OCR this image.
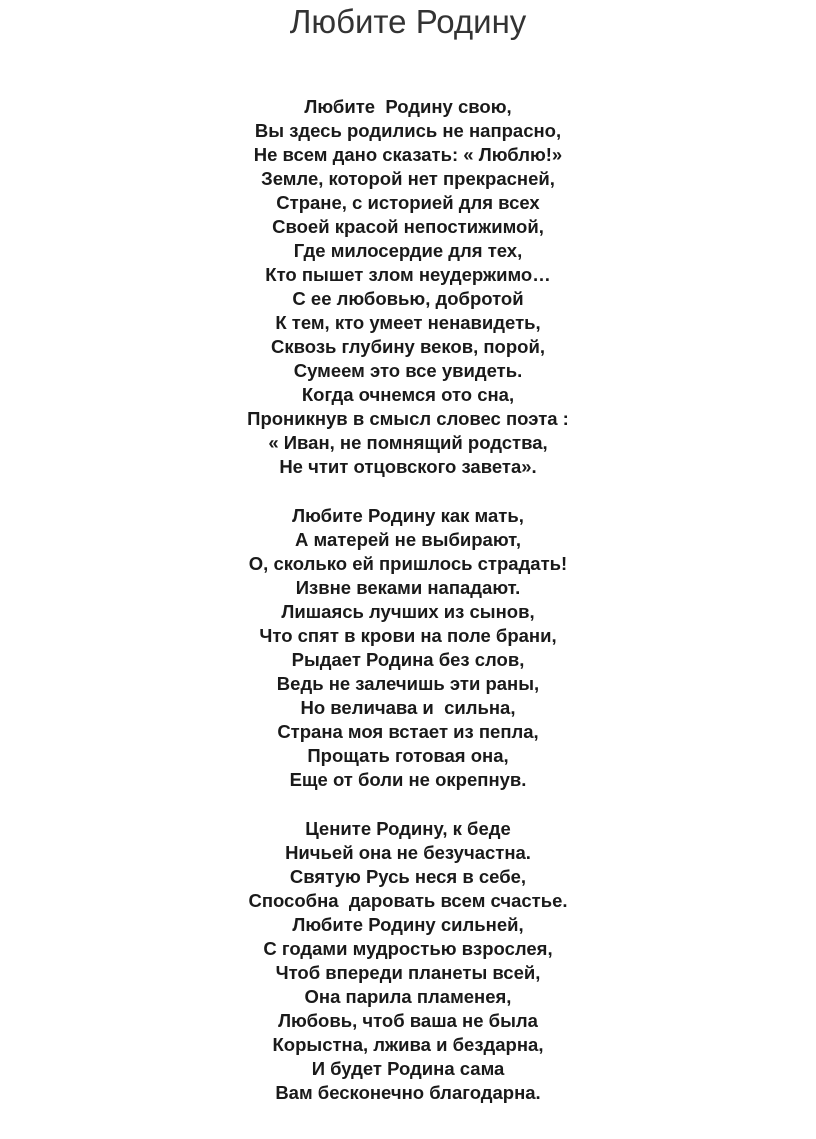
Любите Родину
Любите  Родину свою,
Вы здесь родились не напрасно,
Не всем дано сказать: « Люблю!»
Земле, которой нет прекрасней,
Стране, с историей для всех
Своей красой непостижимой,
Где милосердие для тех,
Кто пышет злом неудержимо…
С ее любовью, добротой
К тем, кто умеет ненавидеть,
Сквозь глубину веков, порой,
Сумеем это все увидеть.
Когда очнемся ото сна,
Проникнув в смысл словес поэта :
« Иван, не помнящий родства,
Не чтит отцовского завета».
Любите Родину как мать,
А матерей не выбирают,
О, сколько ей пришлось страдать!
Извне веками нападают.
Лишаясь лучших из сынов,
Что спят в крови на поле брани,
Рыдает Родина без слов,
Ведь не залечишь эти раны,
Но величава и  сильна,
Страна моя встает из пепла,
Прощать готовая она,
Еще от боли не окрепнув.
Цените Родину, к беде
Ничьей она не безучастна.
Святую Русь неся в себе,
Способна  даровать всем счастье.
Любите Родину сильней,
С годами мудростью взрослея,
Чтоб впереди планеты всей,
Она парила пламенея,
Любовь, чтоб ваша не была
Корыстна, лжива и бездарна,
И будет Родина сама
Вам бесконечно благодарна.
